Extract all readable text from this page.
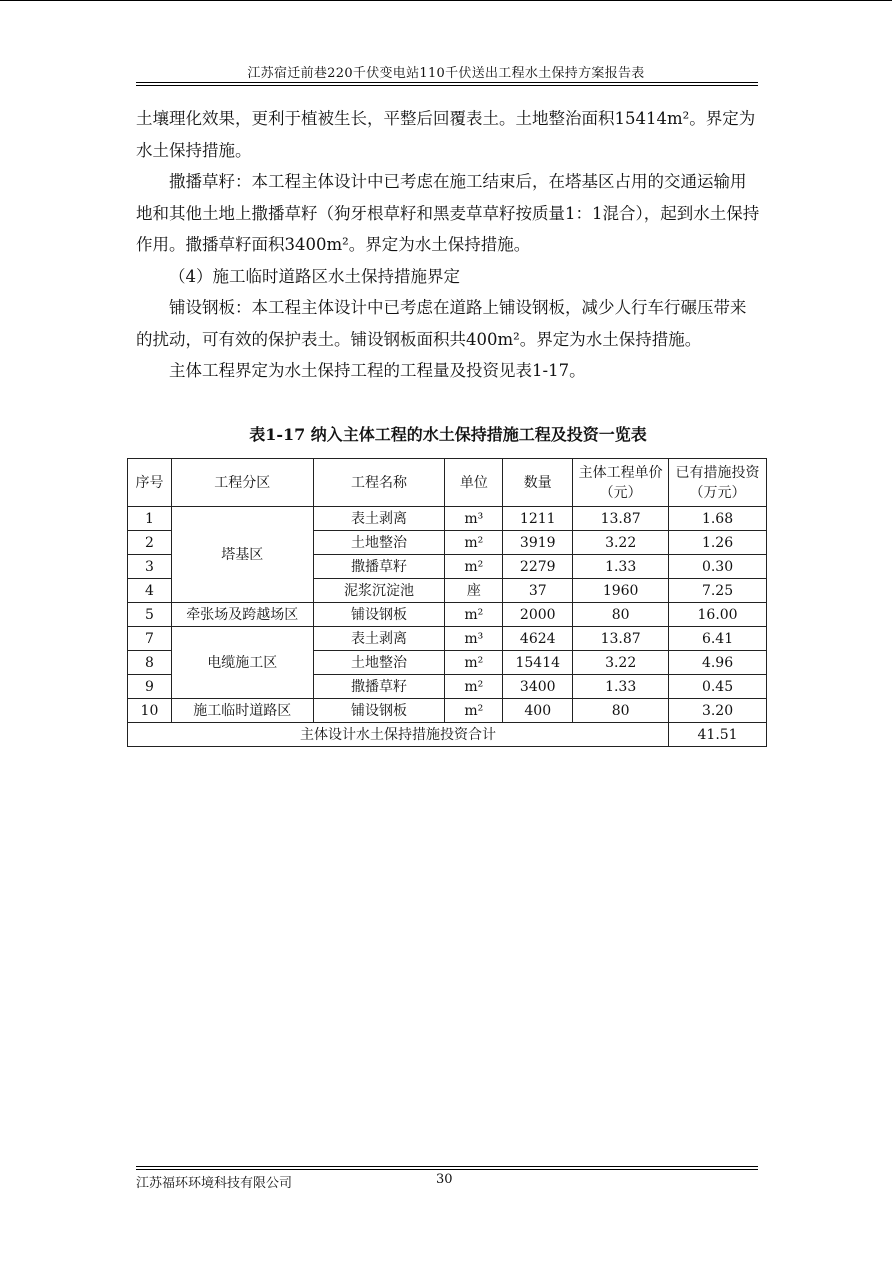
江苏宿迁前巷220千伏变电站110千伏送出工程水土保持方案报告表

土壤理化效果，更利于植被生长，平整后回覆表土。土地整治面积15414m²。界定为水土保持措施。

撒播草籽：本工程主体设计中已考虑在施工结束后，在塔基区占用的交通运输用地和其他土地上撒播草籽（狗牙根草籽和黑麦草草籽按质量1：1混合），起到水土保持作用。撒播草籽面积3400m²。界定为水土保持措施。

（4）施工临时道路区水土保持措施界定

铺设钢板：本工程主体设计中已考虑在道路上铺设钢板，减少人行车行碾压带来的扰动，可有效的保护表土。铺设钢板面积共400m²。界定为水土保持措施。

主体工程界定为水土保持工程的工程量及投资见表1-17。

表1-17 纳入主体工程的水土保持措施工程及投资一览表
序号	工程分区	工程名称	单位	数量	主体工程单价（元）	已有措施投资（万元）
1	塔基区	表土剥离	m³	1211	13.87	1.68
2		土地整治	m²	3919	3.22	1.26
3		撒播草籽	m²	2279	1.33	0.30
4		泥浆沉淀池	座	37	1960	7.25
5	牵张场及跨越场区	铺设钢板	m²	2000	80	16.00
7	电缆施工区	表土剥离	m³	4624	13.87	6.41
8		土地整治	m²	15414	3.22	4.96
9		撒播草籽	m²	3400	1.33	0.45
10	施工临时道路区	铺设钢板	m²	400	80	3.20
主体设计水土保持措施投资合计						41.51
江苏福环环境科技有限公司	30
